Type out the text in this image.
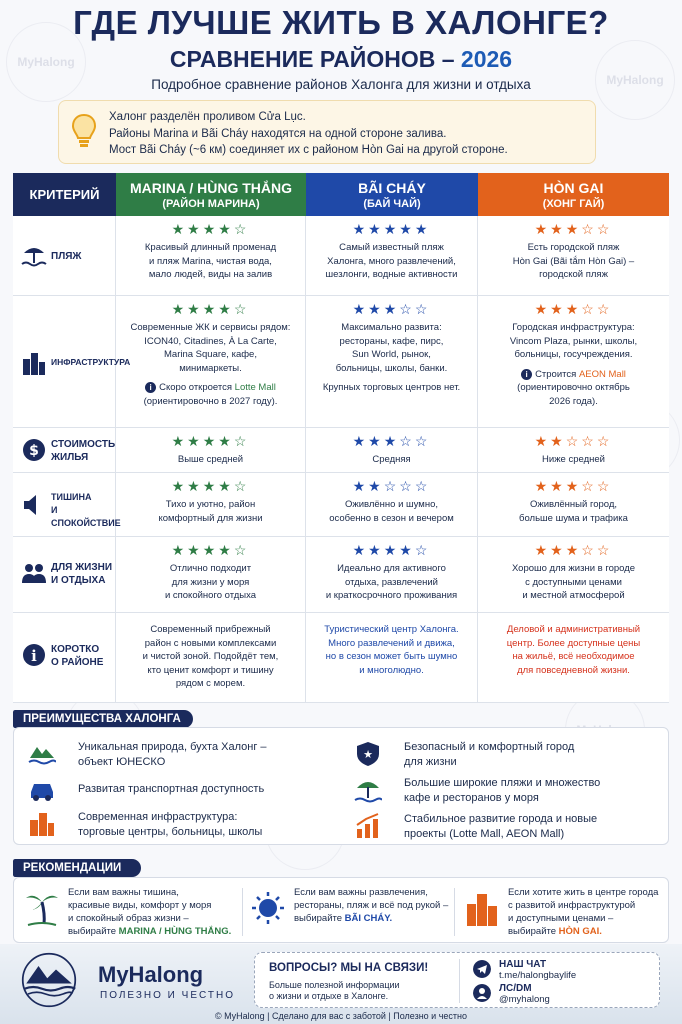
MyHalong
MyHalong
ГДЕ ЛУЧШЕ ЖИТЬ В ХАЛОНГЕ?
СРАВНЕНИЕ РАЙОНОВ – 2026
Подробное сравнение районов Халонга для жизни и отдыха
Халонг разделён проливом Cửa Lục.
Районы Marina и Bãi Cháy находятся на одной стороне залива.
Мост Bãi Cháy (~6 км) соединяет их с районом Hòn Gai на другой стороне.
КРИТЕРИЙ	MARINA / HÙNG THẮNG
(РАЙОН МАРИНА)
BÃI CHÁY
(БАЙ ЧАЙ)
HÒN GAI
(ХОНГ ГАЙ)
ПЛЯЖ
★★★★☆
Красивый длинный променад
и пляж Marina, чистая вода,
мало людей, виды на залив
★★★★★
Самый известный пляж
Халонга, много развлечений,
шезлонги, водные активности
★★★☆☆
Есть городской пляж
Hòn Gai (Bãi tắm Hòn Gai) –
городской пляж
ИНФРАСТРУКТУРА
★★★★☆
Современные ЖК и сервисы рядом:
ICON40, Citadines, À La Carte,
Marina Square, кафе,
минимаркеты.
i Скоро откроется Lotte Mall
(ориентировочно в 2027 году).
★★★☆☆
Максимально развита:
рестораны, кафе, пирс,
Sun World, рынок,
больницы, школы, банки.
Крупных торговых центров нет.
★★★☆☆
Городская инфраструктура:
Vincom Plaza, рынки, школы,
больницы, госучреждения.
i Строится AEON Mall
(ориентировочно октябрь
2026 года).
$ СТОИМОСТЬ
ЖИЛЬЯ
★★★★☆
Выше средней
★★★☆☆
Средняя
★★☆☆☆
Ниже средней
ТИШИНА
И СПОКОЙСТВИЕ
★★★★☆
Тихо и уютно, район
комфортный для жизни
★★☆☆☆
Оживлённо и шумно,
особенно в сезон и вечером
★★★☆☆
Оживлённый город,
больше шума и трафика
ДЛЯ ЖИЗНИ
И ОТДЫХА
★★★★☆
Отлично подходит
для жизни у моря
и спокойного отдыха
★★★★☆
Идеально для активного
отдыха, развлечений
и краткосрочного проживания
★★★☆☆
Хорошо для жизни в городе
с доступными ценами
и местной атмосферой
i КОРОТКО
О РАЙОНЕ
Современный прибрежный
район с новыми комплексами
и чистой зоной. Подойдёт тем,
кто ценит комфорт и тишину
рядом с морем.
Туристический центр Халонга.
Много развлечений и движа,
но в сезон может быть шумно
и многолюдно.
Деловой и административный
центр. Более доступные цены
на жильё, всё необходимое
для повседневной жизни.
ПРЕИМУЩЕСТВА ХАЛОНГА
Уникальная природа, бухта Халонг –
объект ЮНЕСКО
Развитая транспортная доступность
Современная инфраструктура:
торговые центры, больницы, школы
★
Безопасный и комфортный город
для жизни
Большие широкие пляжи и множество
кафе и ресторанов у моря
Стабильное развитие города и новые
проекты (Lotte Mall, AEON Mall)
РЕКОМЕНДАЦИИ
Если вам важны тишина,
красивые виды, комфорт у моря
и спокойный образ жизни –
выбирайте MARINA / HÙNG THẮNG.
Если вам важны развлечения,
рестораны, пляж и всё под рукой –
выбирайте BÃI CHÁY.
Если хотите жить в центре города
с развитой инфраструктурой
и доступными ценами –
выбирайте HÒN GAI.
MyHalong
ПОЛЕЗНО И ЧЕСТНО
ВОПРОСЫ? МЫ НА СВЯЗИ!
Больше полезной информации
о жизни и отдыхе в Халонге.
НАШ ЧАТ
t.me/halongbaylife
ЛС/DM
@myhalong
© MyHalong | Сделано для вас с заботой | Полезно и честно
